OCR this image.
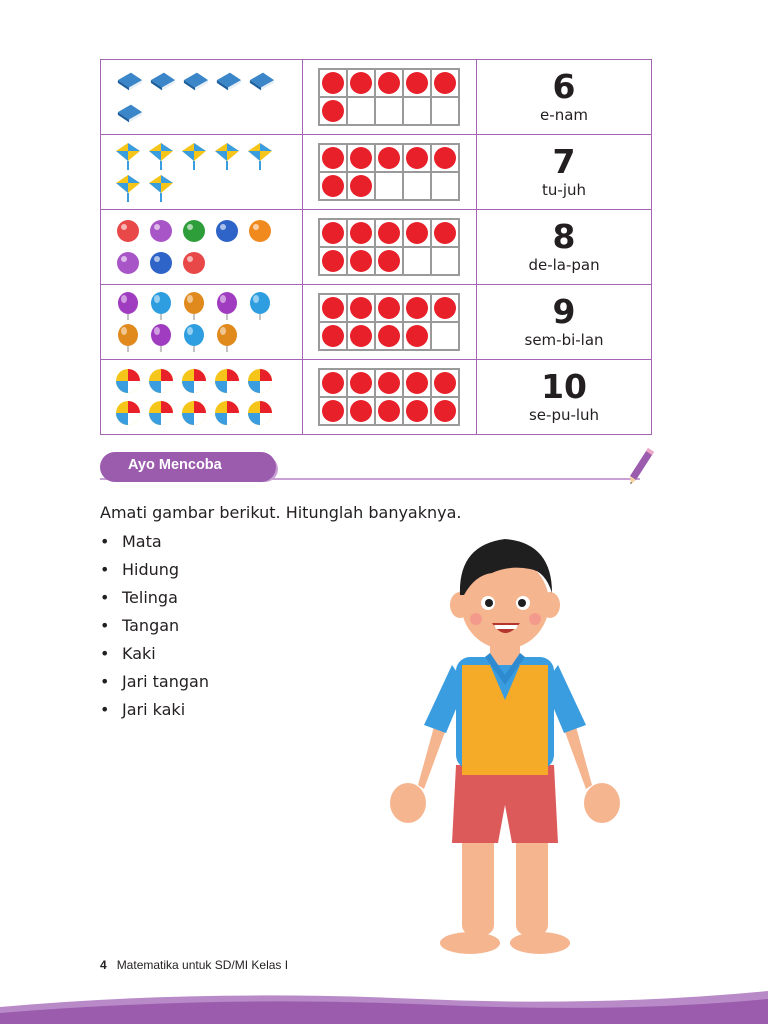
6
e-nam

7
tu-juh

8
de-la-pan

9
sem-bi-lan

10
se-pu-luh
Ayo Mencoba
Amati gambar berikut. Hitunglah banyaknya.
• Mata
• Hidung
• Telinga
• Tangan
• Kaki
• Jari tangan
• Jari kaki
4 Matematika untuk SD/MI Kelas I
